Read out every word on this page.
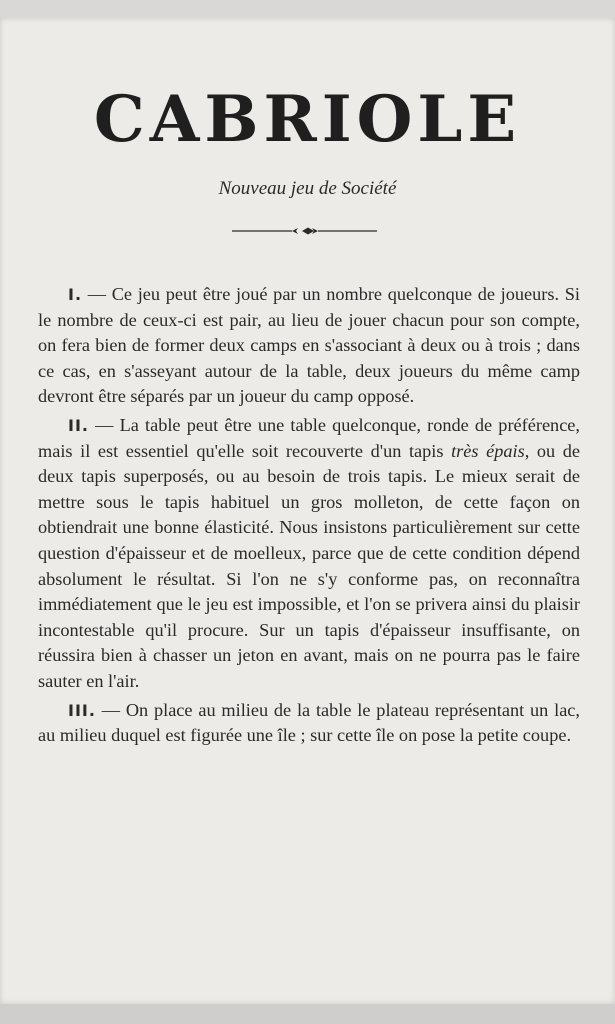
CABRIOLE
Nouveau jeu de Société

I. — Ce jeu peut être joué par un nombre quelconque de joueurs. Si le nombre de ceux-ci est pair, au lieu de jouer chacun pour son compte, on fera bien de former deux camps en s'associant à deux ou à trois ; dans ce cas, en s'asseyant autour de la table, deux joueurs du même camp devront être séparés par un joueur du camp opposé.

II. — La table peut être une table quelconque, ronde de préférence, mais il est essentiel qu'elle soit recouverte d'un tapis très épais, ou de deux tapis superposés, ou au besoin de trois tapis. Le mieux serait de mettre sous le tapis habituel un gros molleton, de cette façon on obtiendrait une bonne élasticité. Nous insistons particulièrement sur cette question d'épaisseur et de moelleux, parce que de cette condition dépend absolument le résultat. Si l'on ne s'y conforme pas, on reconnaîtra immédiatement que le jeu est impossible, et l'on se privera ainsi du plaisir incontestable qu'il procure. Sur un tapis d'épaisseur insuffisante, on réussira bien à chasser un jeton en avant, mais on ne pourra pas le faire sauter en l'air.

III. — On place au milieu de la table le plateau représentant un lac, au milieu duquel est figurée une île ; sur cette île on pose la petite coupe.
